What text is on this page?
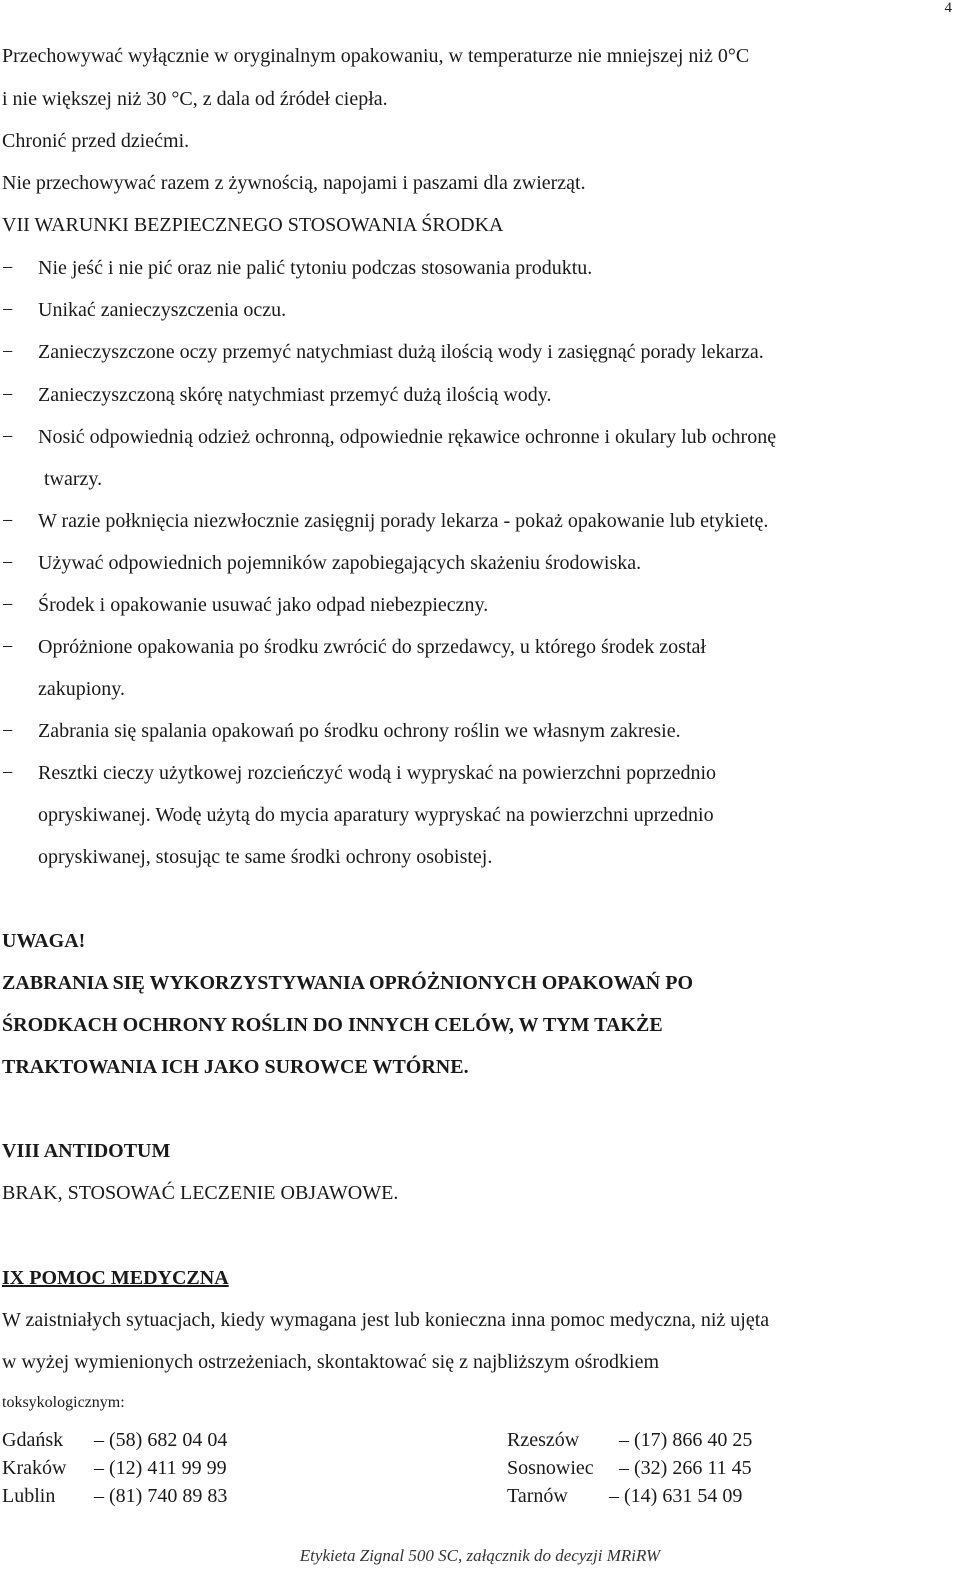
4
Przechowywać wyłącznie w oryginalnym opakowaniu, w temperaturze nie mniejszej niż 0°C
i nie większej niż 30 °C, z dala od źródeł ciepła.
Chronić przed dziećmi.
Nie przechowywać razem z żywnością, napojami i paszami dla zwierząt.
VII WARUNKI BEZPIECZNEGO STOSOWANIA ŚRODKA
−	Nie jeść i nie pić oraz nie palić tytoniu podczas stosowania produktu.
−	Unikać zanieczyszczenia oczu.
−	Zanieczyszczone oczy przemyć natychmiast dużą ilością wody i zasięgnąć porady lekarza.
−	Zanieczyszczoną skórę natychmiast przemyć dużą ilością wody.
−	Nosić odpowiednią odzież ochronną, odpowiednie rękawice ochronne i okulary lub ochronę
twarzy.
−	W razie połknięcia niezwłocznie zasięgnij porady lekarza - pokaż opakowanie lub etykietę.
−	Używać odpowiednich pojemników zapobiegających skażeniu środowiska.
−	Środek i opakowanie usuwać jako odpad niebezpieczny.
−	Opróżnione opakowania po środku zwrócić do sprzedawcy, u którego środek został
zakupiony.
−	Zabrania się spalania opakowań po środku ochrony roślin we własnym zakresie.
−	Resztki cieczy użytkowej rozcieńczyć wodą i wypryskać na powierzchni poprzednio
opryskiwanej. Wodę użytą do mycia aparatury wypryskać na powierzchni uprzednio
opryskiwanej, stosując te same środki ochrony osobistej.
UWAGA!
ZABRANIA SIĘ WYKORZYSTYWANIA OPRÓŻNIONYCH OPAKOWAŃ PO
ŚRODKACH OCHRONY ROŚLIN DO INNYCH CELÓW, W TYM TAKŻE
TRAKTOWANIA ICH JAKO SUROWCE WTÓRNE.
VIII ANTIDOTUM
BRAK, STOSOWAĆ LECZENIE OBJAWOWE.
IX POMOC MEDYCZNA
W zaistniałych sytuacjach, kiedy wymagana jest lub konieczna inna pomoc medyczna, niż ujęta
w wyżej wymienionych ostrzeżeniach, skontaktować się z najbliższym ośrodkiem
toksykologicznym:
Gdańsk – (58) 682 04 04
Kraków – (12) 411 99 99
Lublin – (81) 740 89 83
Rzeszów – (17) 866 40 25
Sosnowiec – (32) 266 11 45
Tarnów – (14) 631 54 09
Etykieta Zignal 500 SC, załącznik do decyzji MRiRW
